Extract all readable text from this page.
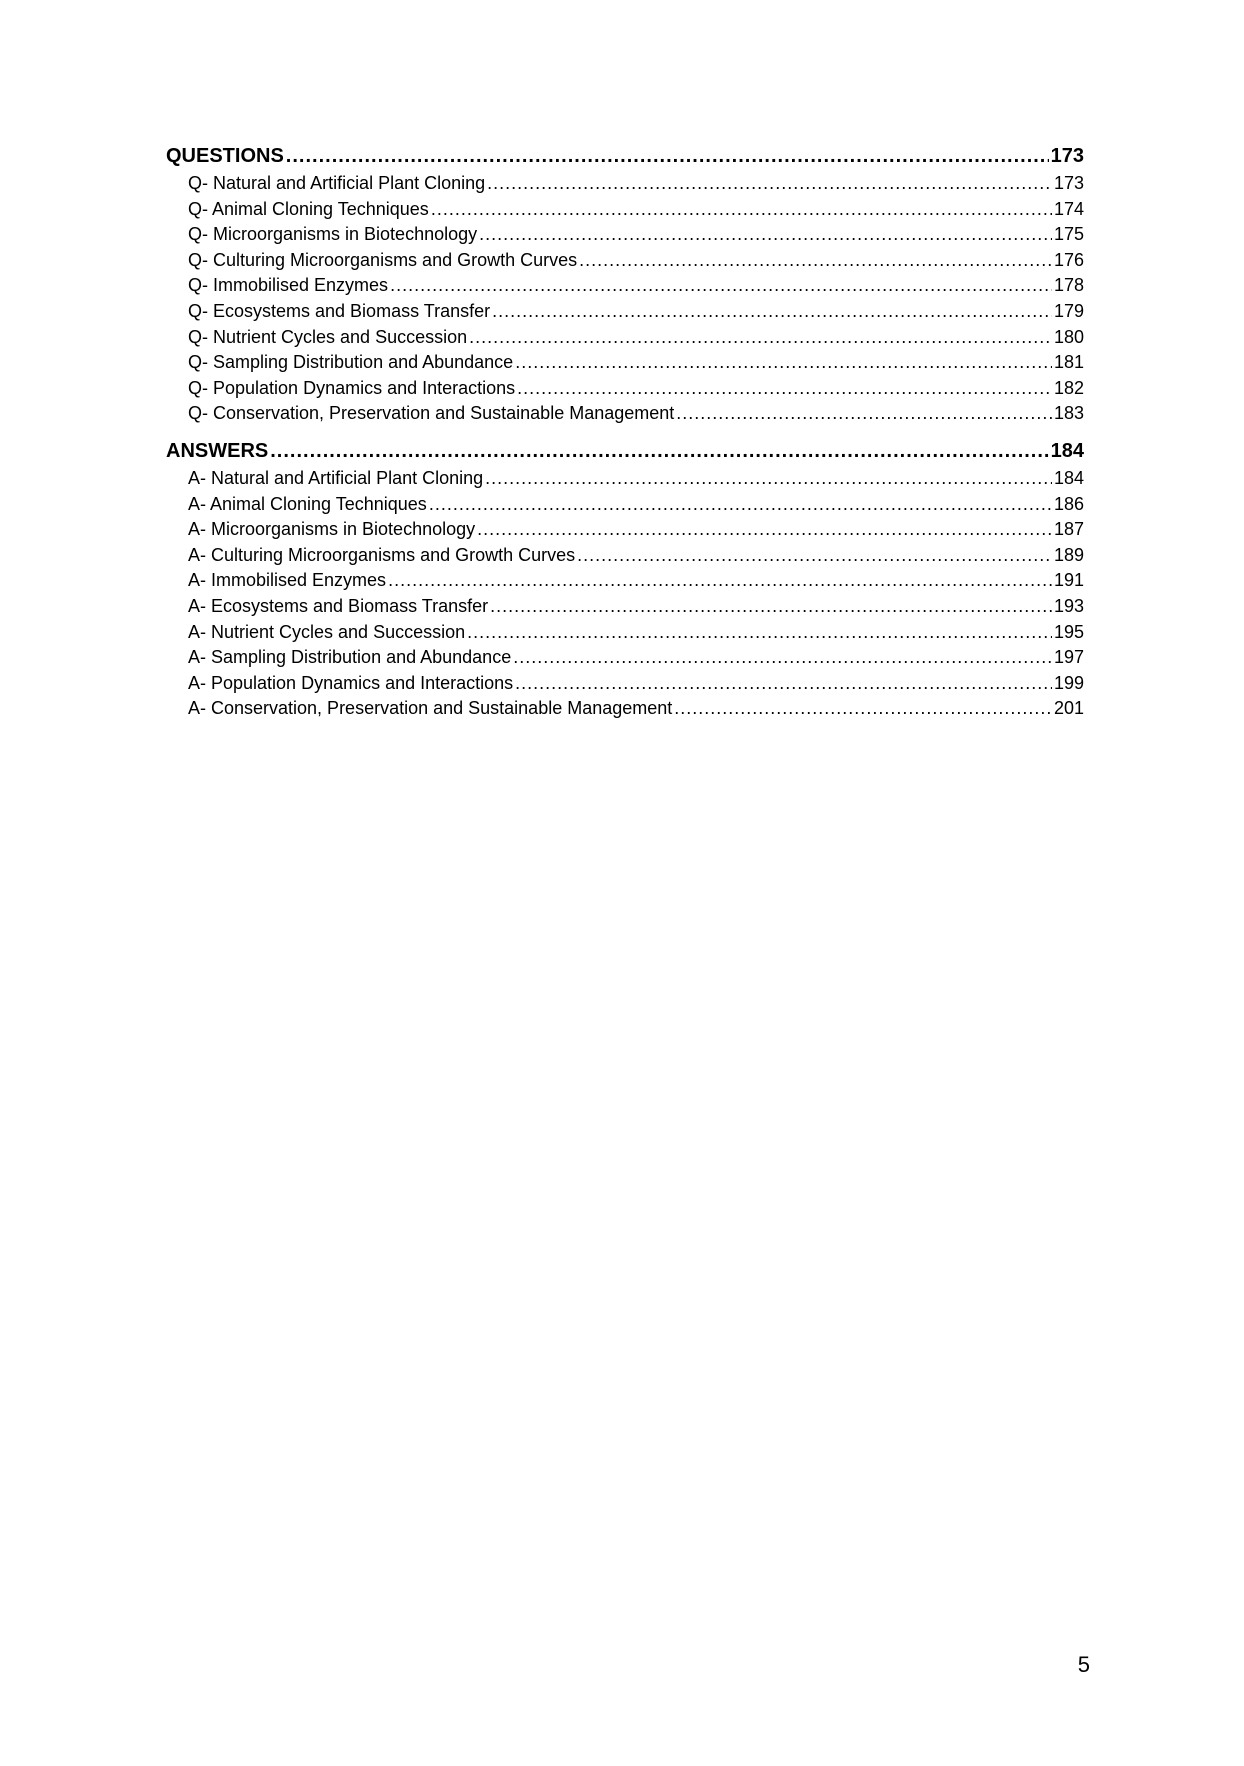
QUESTIONS .....	173
Q- Natural and Artificial Plant Cloning .....	173
Q- Animal Cloning Techniques .....	174
Q- Microorganisms in Biotechnology .....	175
Q- Culturing Microorganisms and Growth Curves .....	176
Q- Immobilised Enzymes .....	178
Q- Ecosystems and Biomass Transfer .....	179
Q- Nutrient Cycles and Succession .....	180
Q- Sampling Distribution and Abundance .....	181
Q- Population Dynamics and Interactions .....	182
Q- Conservation, Preservation and Sustainable Management .....	183
ANSWERS .....	184
A- Natural and Artificial Plant Cloning .....	184
A- Animal Cloning Techniques .....	186
A- Microorganisms in Biotechnology .....	187
A- Culturing Microorganisms and Growth Curves .....	189
A- Immobilised Enzymes .....	191
A- Ecosystems and Biomass Transfer .....	193
A- Nutrient Cycles and Succession .....	195
A- Sampling Distribution and Abundance .....	197
A- Population Dynamics and Interactions .....	199
A- Conservation, Preservation and Sustainable Management .....	201
5
